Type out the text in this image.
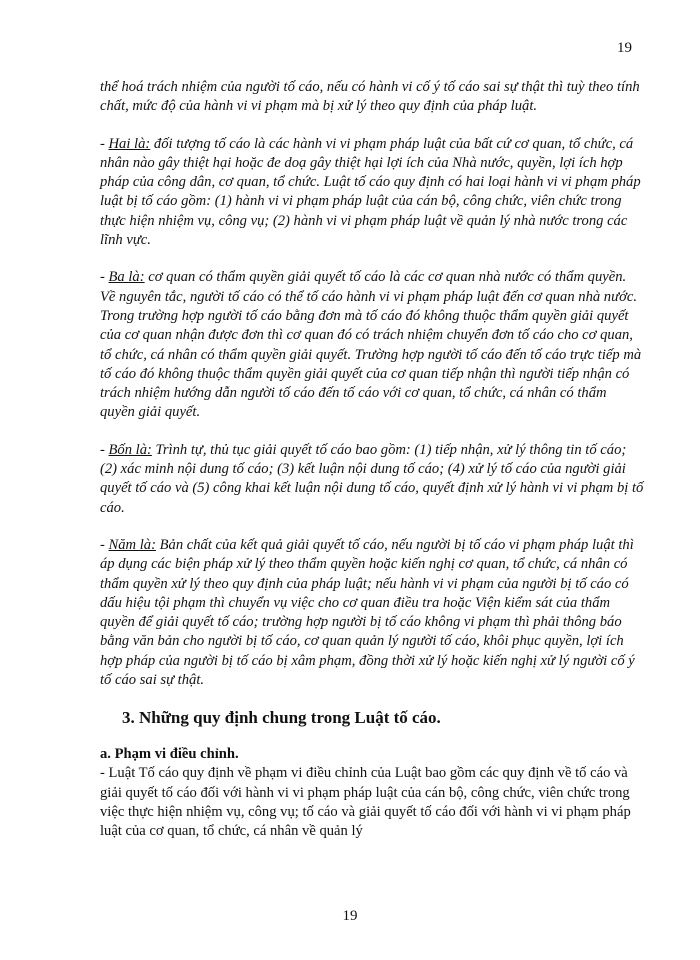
19

thể hoá trách nhiệm của người tố cáo, nếu có hành vi cố ý tố cáo sai sự thật thì tuỳ theo tính chất, mức độ của hành vi vi phạm mà bị xử lý theo quy định của pháp luật.

- Hai là: đối tượng tố cáo là các hành vi vi phạm pháp luật của bất cứ cơ quan, tổ chức, cá nhân nào gây thiệt hại hoặc đe doạ gây thiệt hại lợi ích của Nhà nước, quyền, lợi ích hợp pháp của công dân, cơ quan, tổ chức. Luật tố cáo quy định có hai loại hành vi vi phạm pháp luật bị tố cáo gồm: (1) hành vi vi phạm pháp luật của cán bộ, công chức, viên chức trong thực hiện nhiệm vụ, công vụ; (2) hành vi vi phạm pháp luật về quản lý nhà nước trong các lĩnh vực.

- Ba là: cơ quan có thẩm quyền giải quyết tố cáo là các cơ quan nhà nước có thẩm quyền. Về nguyên tắc, người tố cáo có thể tố cáo hành vi vi phạm pháp luật đến cơ quan nhà nước. Trong trường hợp người tố cáo bằng đơn mà tố cáo đó không thuộc thẩm quyền giải quyết của cơ quan nhận được đơn thì cơ quan đó có trách nhiệm chuyển đơn tố cáo cho cơ quan, tổ chức, cá nhân có thẩm quyền giải quyết. Trường hợp người tố cáo đến tố cáo trực tiếp mà tố cáo đó không thuộc thẩm quyền giải quyết của cơ quan tiếp nhận thì người tiếp nhận có trách nhiệm hướng dẫn người tố cáo đến tố cáo với cơ quan, tổ chức, cá nhân có thẩm quyền giải quyết.

- Bốn là: Trình tự, thủ tục giải quyết tố cáo bao gồm: (1) tiếp nhận, xử lý thông tin tố cáo; (2) xác minh nội dung tố cáo; (3) kết luận nội dung tố cáo; (4) xử lý tố cáo của người giải quyết tố cáo và (5) công khai kết luận nội dung tố cáo, quyết định xử lý hành vi vi phạm bị tố cáo.

- Năm là: Bản chất của kết quả giải quyết tố cáo, nếu người bị tố cáo vi phạm pháp luật thì áp dụng các biện pháp xử lý theo thẩm quyền hoặc kiến nghị cơ quan, tổ chức, cá nhân có thẩm quyền xử lý theo quy định của pháp luật; nếu hành vi vi phạm của người bị tố cáo có dấu hiệu tội phạm thì chuyển vụ việc cho cơ quan điều tra hoặc Viện kiểm sát của thẩm quyền để giải quyết tố cáo; trường hợp người bị tố cáo không vi phạm thì phải thông báo bằng văn bản cho người bị tố cáo, cơ quan quản lý người tố cáo, khôi phục quyền, lợi ích hợp pháp của người bị tố cáo bị xâm phạm, đồng thời xử lý hoặc kiến nghị xử lý người cố ý tố cáo sai sự thật.

3. Những quy định chung trong Luật tố cáo.
a. Phạm vi điều chỉnh.

- Luật Tố cáo quy định về phạm vi điều chỉnh của Luật bao gồm các quy định về tố cáo và giải quyết tố cáo đối với hành vi vi phạm pháp luật của cán bộ, công chức, viên chức trong việc thực hiện nhiệm vụ, công vụ; tố cáo và giải quyết tố cáo đối với hành vi vi phạm pháp luật của cơ quan, tổ chức, cá nhân về quản lý

19
